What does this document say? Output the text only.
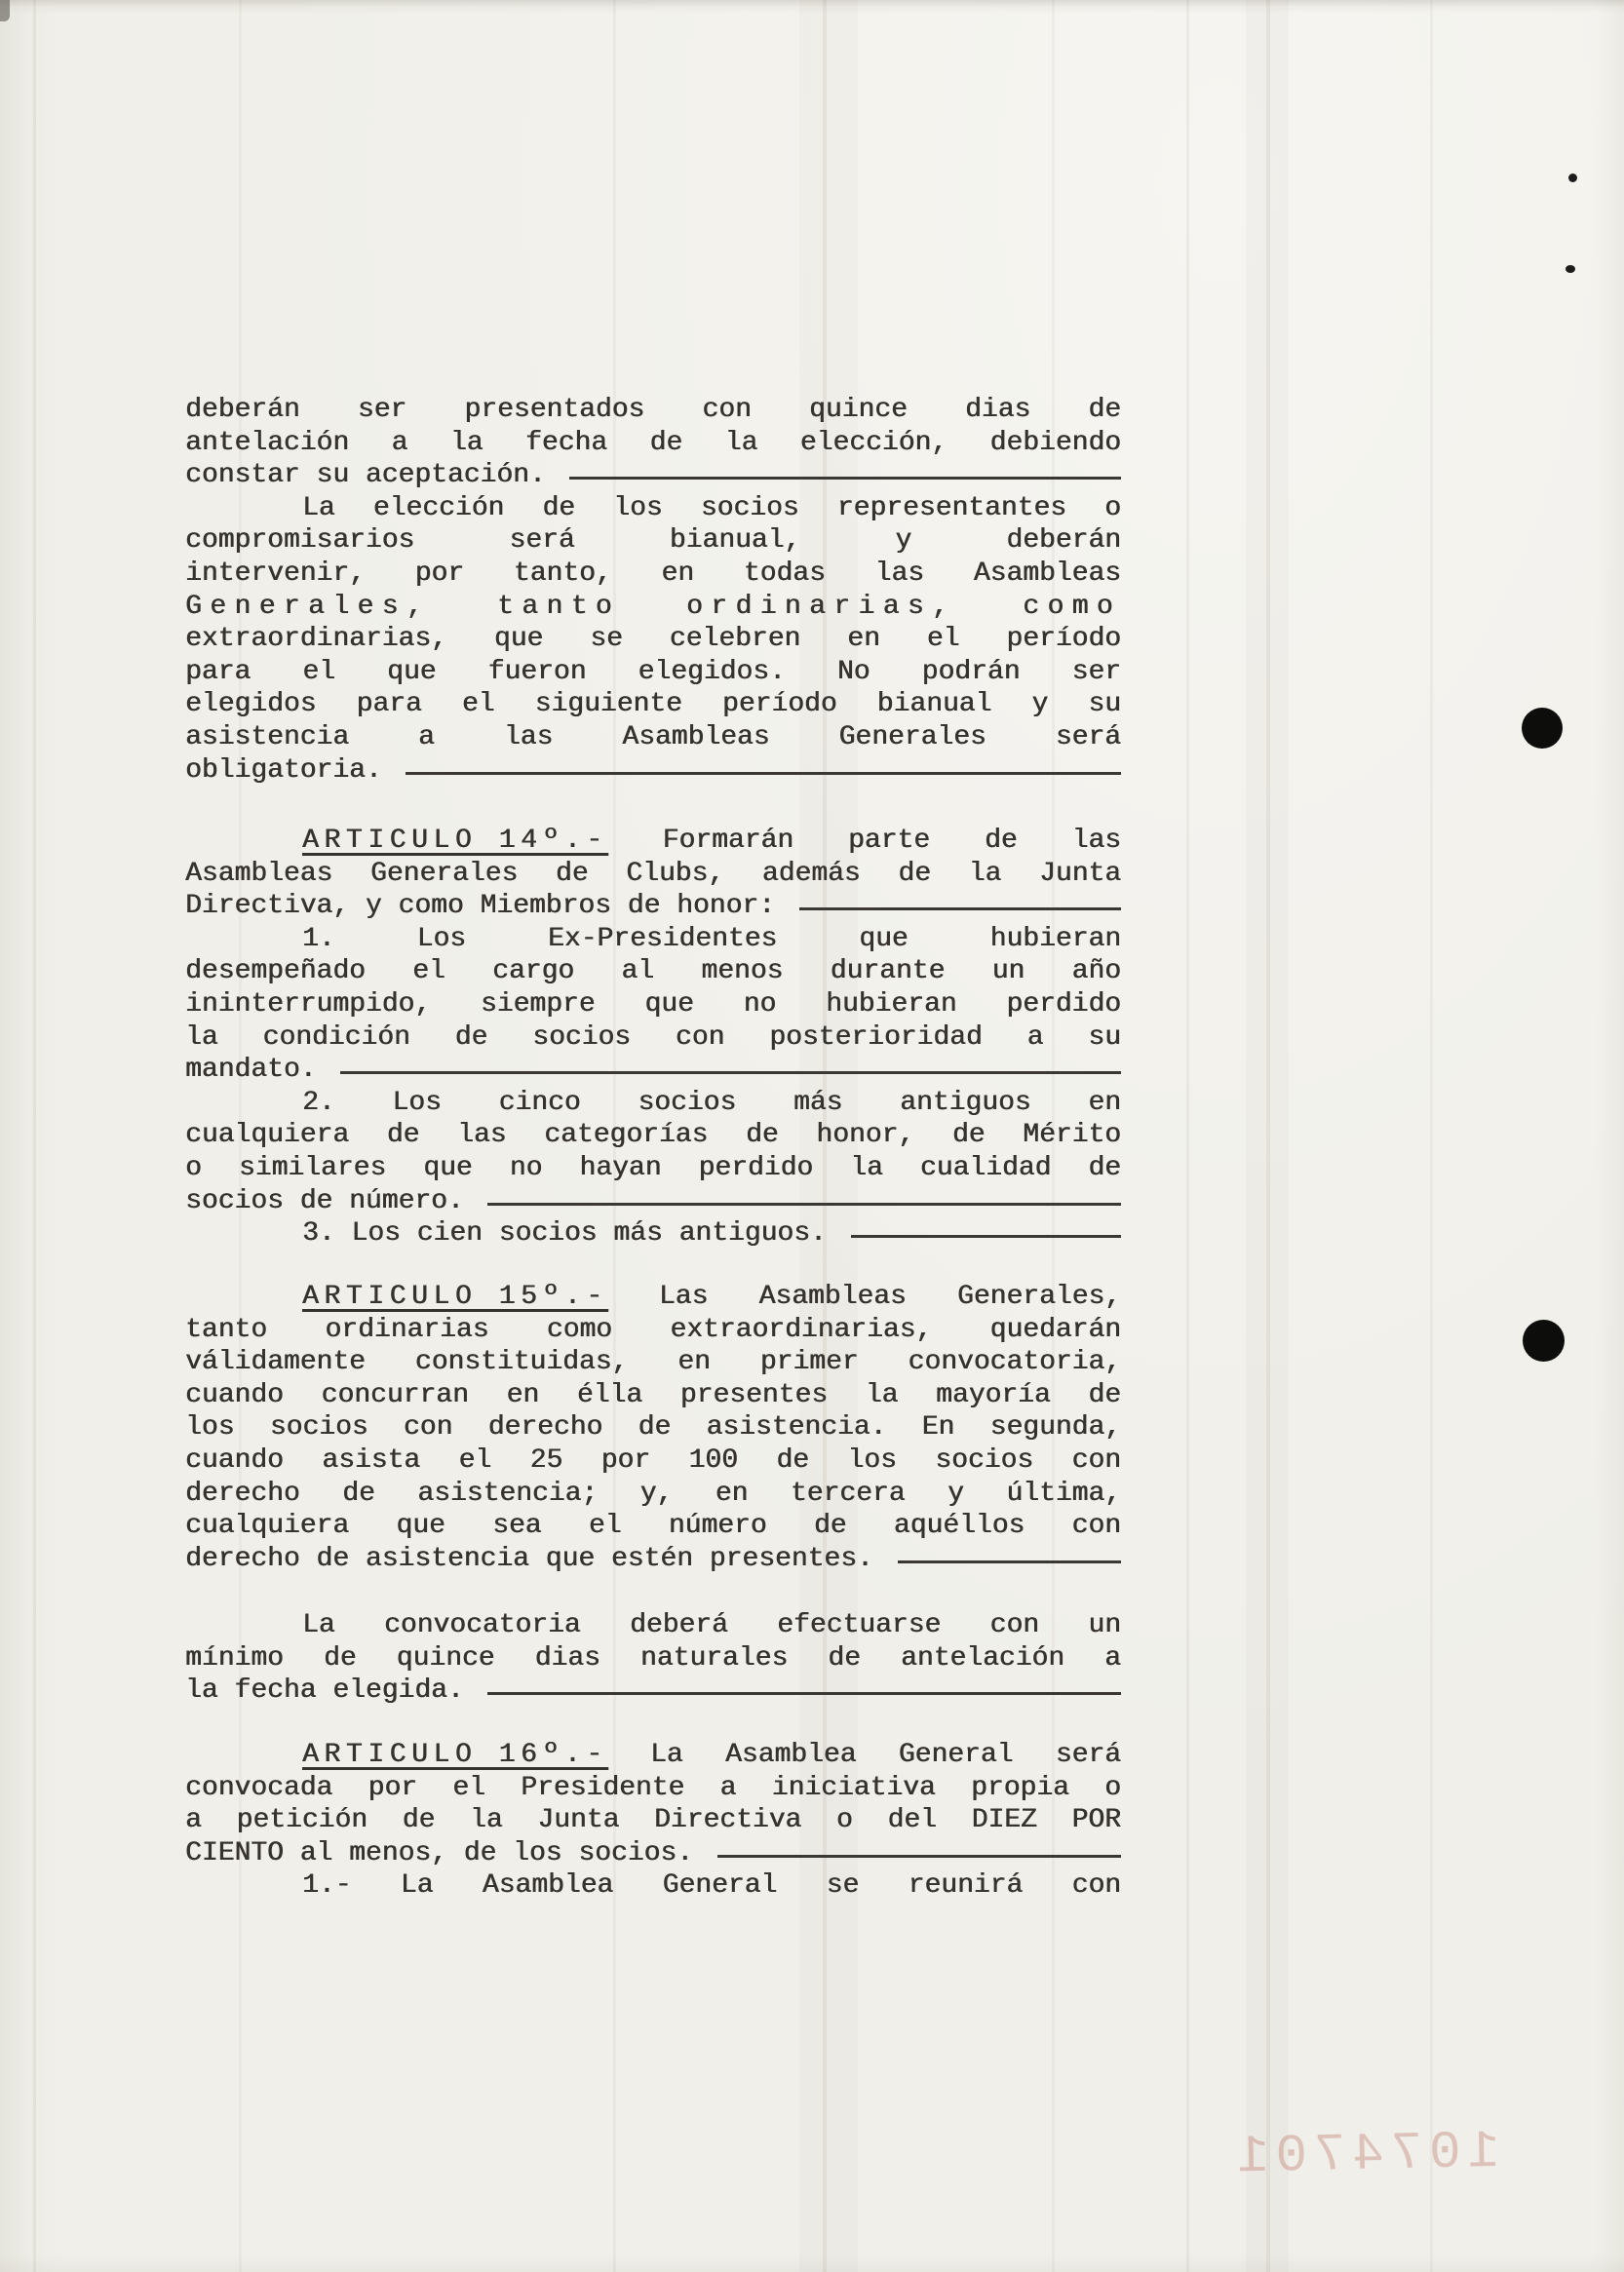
1074701
deberán ser presentados con quince dias de
antelación a la fecha de la elección, debiendo
constar su aceptación.
La elección de los socios representantes o
compromisarios	será	bianual,	y	deberán
intervenir, por tanto, en todas las Asambleas
Generales, tanto ordinarias, como
extraordinarias, que se celebren en el período
para el que fueron elegidos. No podrán ser
elegidos para el siguiente período bianual y su
asistencia	a	las	Asambleas	Generales	será
obligatoria.
ARTICULO 14º.- Formarán parte de las
Asambleas Generales de Clubs, además de la Junta
Directiva, y como Miembros de honor:
1.	Los	Ex-Presidentes	que	hubieran
desempeñado el cargo al menos durante un año
ininterrumpido, siempre que no hubieran perdido
la condición de socios con posterioridad a su
mandato.
2. Los cinco socios más antiguos en
cualquiera de las categorías de honor, de Mérito
o similares que no hayan perdido la cualidad de
socios de número.
3. Los cien socios más antiguos.
ARTICULO 15º.- Las Asambleas Generales,
tanto ordinarias como extraordinarias, quedarán
válidamente constituidas, en primer convocatoria,
cuando concurran en élla presentes la mayoría de
los socios con derecho de asistencia. En segunda,
cuando asista el 25 por 100 de los socios con
derecho de asistencia; y, en tercera y última,
cualquiera que sea el número de aquéllos con
derecho de asistencia que estén presentes.
La convocatoria deberá efectuarse con un
mínimo de quince dias naturales de antelación a
la fecha elegida.
ARTICULO 16º.- La Asamblea General será
convocada por el Presidente a iniciativa propia o
a petición de la Junta Directiva o del DIEZ POR
CIENTO al menos, de los socios.
1.- La Asamblea General se reunirá con
